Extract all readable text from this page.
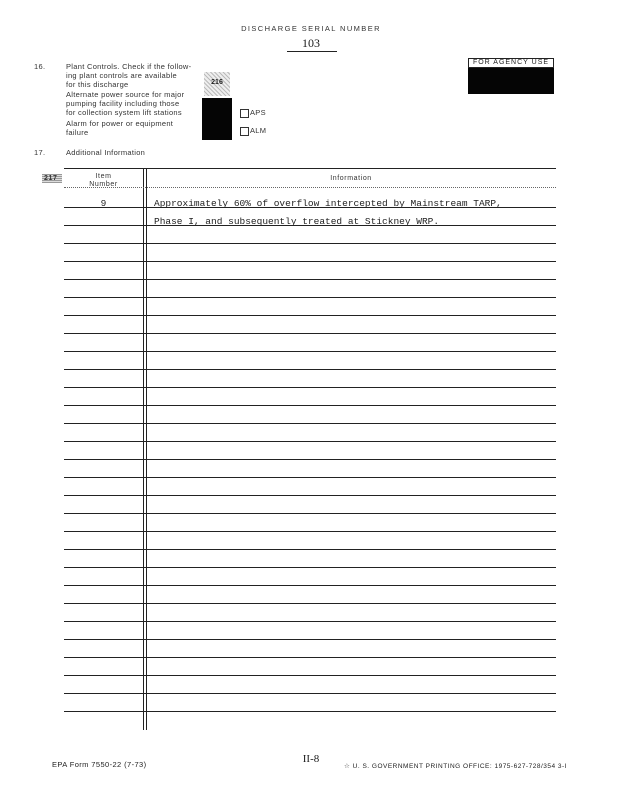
DISCHARGE SERIAL NUMBER
103
FOR AGENCY USE
16.	Plant Controls. Check if the follow-
ing plant controls are available
for this discharge
Alternate power source for major
pumping facility including those
for collection system lift stations
Alarm for power or equipment
failure
216
APS
ALM
17.	Additional Information
217	Item
Number
Information
9	Approximately 60% of overflow intercepted by Mainstream TARP,
Phase I, and subsequently treated at Stickney WRP.
EPA Form 7550-22 (7-73)	II-8
☆ U. S. GOVERNMENT PRINTING OFFICE: 1975-627-728/354 3-I
